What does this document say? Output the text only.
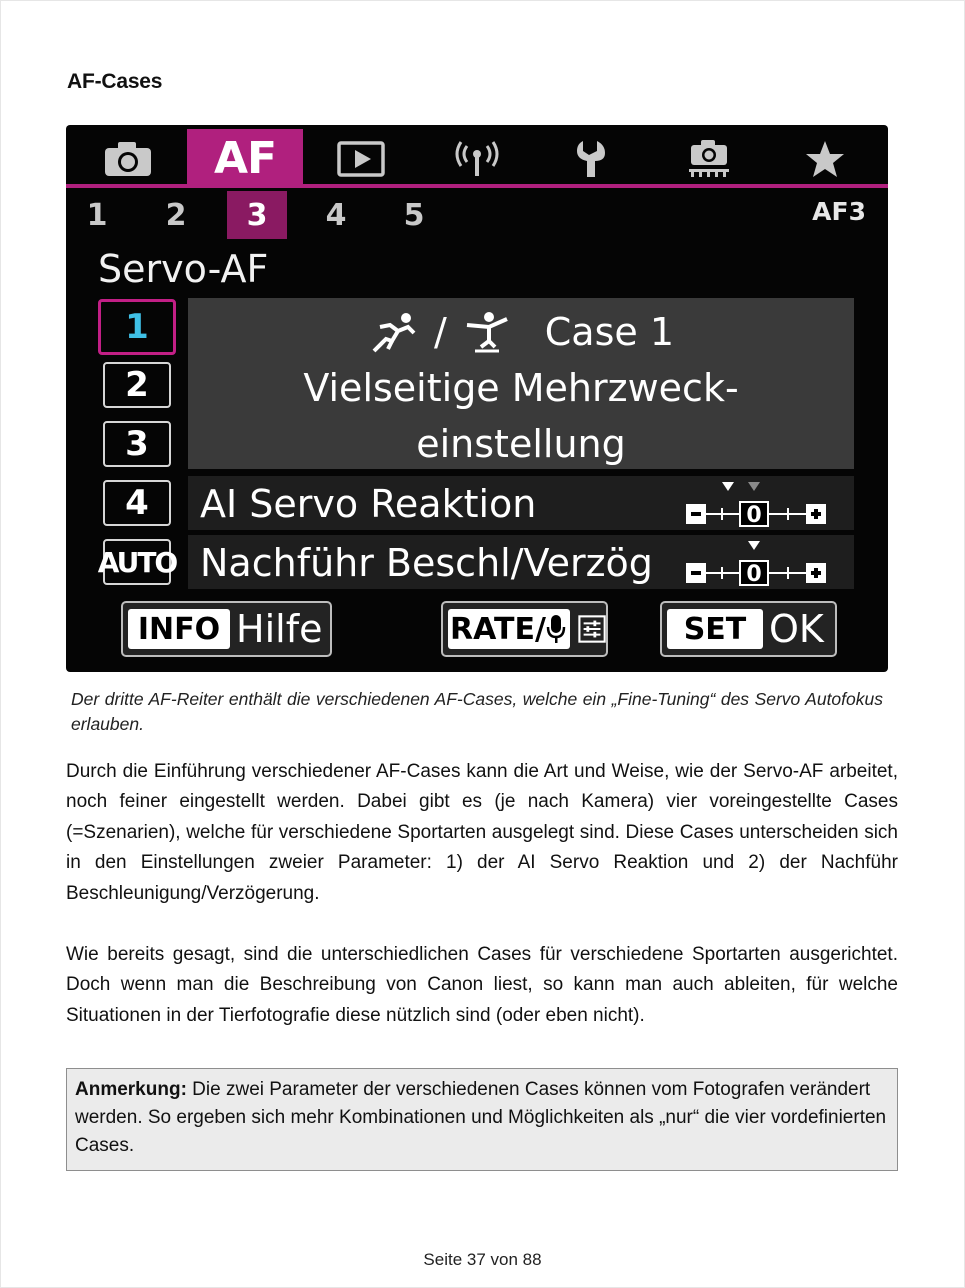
AF-Cases
AF
1	2	3	4	5	AF3
Servo-AF
1
2
3
4
AUTO
/	Case 1
Vielseitige Mehrzweck-
einstellung
AI Servo Reaktion	0
Nachführ Beschl/Verzög	0
INFO Hilfe	RATE/	SET OK
Der dritte AF-Reiter enthält die verschiedenen AF-Cases, welche ein „Fine-Tuning“ des Servo Autofokus erlauben.
Durch die Einführung verschiedener AF-Cases kann die Art und Weise, wie der Servo-AF arbeitet, noch feiner eingestellt werden. Dabei gibt es (je nach Kamera) vier voreingestellte Cases (=Szenarien), welche für verschiedene Sportarten ausgelegt sind. Diese Cases unterscheiden sich in den Einstellungen zweier Parameter: 1) der AI Servo Reaktion und 2) der Nachführ Beschleunigung/Verzögerung.
Wie bereits gesagt, sind die unterschiedlichen Cases für verschiedene Sportarten ausgerichtet. Doch wenn man die Beschreibung von Canon liest, so kann man auch ableiten, für welche Situationen in der Tierfotografie diese nützlich sind (oder eben nicht).
Anmerkung: Die zwei Parameter der verschiedenen Cases können vom Fotografen verändert werden. So ergeben sich mehr Kombinationen und Möglichkeiten als „nur“ die vier vordefinierten Cases.
Seite 37 von 88
